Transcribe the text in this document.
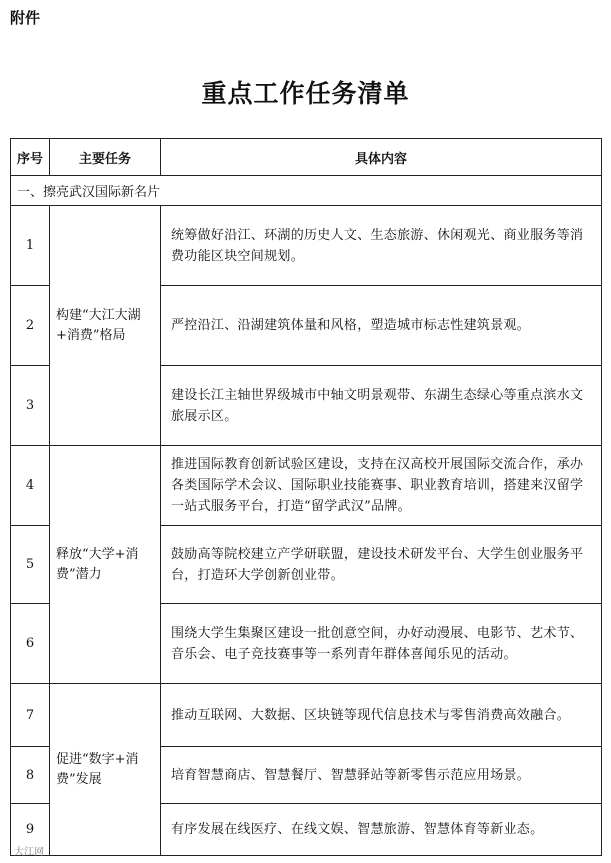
附件
重点工作任务清单
序号	主要任务	具体内容
一、擦亮武汉国际新名片		
1	构建“大江大湖+消费”格局	统筹做好沿江、环湖的历史人文、生态旅游、休闲观光、商业服务等消费功能区块空间规划。
2		严控沿江、沿湖建筑体量和风格，塑造城市标志性建筑景观。
3		建设长江主轴世界级城市中轴文明景观带、东湖生态绿心等重点滨水文旅展示区。
4	释放“大学+消费”潜力	推进国际教育创新试验区建设，支持在汉高校开展国际交流合作，承办各类国际学术会议、国际职业技能赛事、职业教育培训，搭建来汉留学一站式服务平台，打造“留学武汉”品牌。
5		鼓励高等院校建立产学研联盟，建设技术研发平台、大学生创业服务平台，打造环大学创新创业带。
6		围绕大学生集聚区建设一批创意空间，办好动漫展、电影节、艺术节、音乐会、电子竞技赛事等一系列青年群体喜闻乐见的活动。
7	促进“数字+消费”发展	推动互联网、大数据、区块链等现代信息技术与零售消费高效融合。
8		培育智慧商店、智慧餐厅、智慧驿站等新零售示范应用场景。
9		有序发展在线医疗、在线文娱、智慧旅游、智慧体育等新业态。
大江网
